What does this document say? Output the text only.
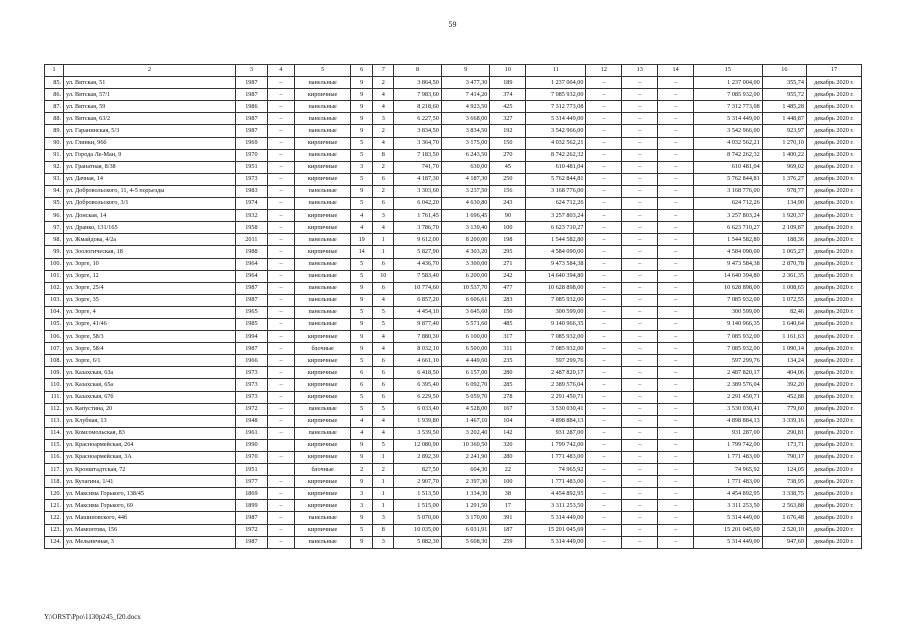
59
1	2	3	4	5	6	7	8	9	10	11	12	13	14	15	16	17
85.	ул. Вятская, 51	1987	–	панельные	9	2	3 864,50	3 477,30	189	1 237 004,00	–	–	–	1 237 004,00	355,74	декабрь 2020 г.
86.	ул. Вятская, 57/1	1987	–	кирпичные	9	4	7 983,60	7 414,20	374	7 085 932,00	–	–	–	7 085 932,00	955,72	декабрь 2020 г.
87.	ул. Вятская, 59	1986	–	панельные	9	4	8 218,60	4 923,50	425	7 312 773,08	–	–	–	7 312 773,08	1 485,28	декабрь 2020 г.
88.	ул. Вятская, 63/2	1987	–	панельные	9	3	6 227,50	3 668,00	327	5 314 449,00	–	–	–	5 314 449,00	1 448,87	декабрь 2020 г.
89.	ул. Гаранинская, 5/3	1987	–	панельные	9	2	3 834,50	3 834,50	192	3 542 966,00	–	–	–	3 542 966,00	923,97	декабрь 2020 г.
90.	ул. Глинки, 96б	1969	–	кирпичные	5	4	3 364,70	3 175,00	150	4 032 562,21	–	–	–	4 032 562,21	1 270,10	декабрь 2020 г.
91.	ул. Города Ле-Ман, 9	1970	–	панельные	5	8	7 183,50	6 243,50	270	8 742 262,32	–	–	–	8 742 262,32	1 400,22	декабрь 2020 г.
92.	ул. Гранатная, 8/38	1951	–	кирпичные	3	2	741,70	630,00	45	610 481,04	–	–	–	610 481,04	969,02	декабрь 2020 г.
93.	ул. Дачная, 14	1973	–	кирпичные	5	6	4 187,30	4 187,30	250	5 762 844,81	–	–	–	5 762 844,81	1 376,27	декабрь 2020 г.
94.	ул. Добровольского, 11, 4-5 подъезды	1983	–	панельные	9	2	3 303,60	3 237,50	156	3 168 776,00	–	–	–	3 168 776,00	978,77	декабрь 2020 г.
95.	ул. Добровольского, 3/1	1974	–	панельные	5	6	6 042,20	4 630,80	243	624 712,26	–	–	–	624 712,26	134,90	декабрь 2020 г.
96.	ул. Донская, 14	1932	–	кирпичные	4	3	1 761,45	1 696,45	90	3 257 803,24	–	–	–	3 257 803,24	1 920,37	декабрь 2020 г.
97.	ул. Дранко, 131/165	1958	–	кирпичные	4	4	3 786,70	3 139,40	100	6 623 710,27	–	–	–	6 623 710,27	2 109,87	декабрь 2020 г.
98.	ул. Жмайдова, 4/2а	2011	–	панельные	19	1	9 612,00	8 200,00	198	1 544 582,80	–	–	–	1 544 582,80	188,36	декабрь 2020 г.
99.	ул. Зоологическая, 18	1988	–	кирпичные	14	1	5 827,90	4 303,20	295	4 584 090,00	–	–	–	4 584 090,00	1 065,27	декабрь 2020 г.
100.	ул. Зорге, 10	1964	–	панельные	5	6	4 436,70	3 300,00	271	9 473 584,38	–	–	–	9 473 584,38	2 870,78	декабрь 2020 г.
101.	ул. Зорге, 12	1964	–	панельные	5	10	7 583,40	6 200,00	242	14 640 394,80	–	–	–	14 640 394,80	2 361,35	декабрь 2020 г.
102.	ул. Зорге, 25/4	1987	–	панельные	9	6	10 774,60	10 537,70	477	10 628 898,00	–	–	–	10 628 898,00	1 008,65	декабрь 2020 г.
103.	ул. Зорге, 35	1987	–	панельные	9	4	6 857,20	6 606,61	283	7 085 932,00	–	–	–	7 085 932,00	1 072,55	декабрь 2020 г.
104.	ул. Зорге, 4	1965	–	панельные	5	5	4 454,10	3 645,60	150	300 599,00	–	–	–	300 599,00	82,46	декабрь 2020 г.
105.	ул. Зорге, 41/46	1985	–	панельные	9	5	9 877,40	5 571,60	485	9 140 966,35	–	–	–	9 140 966,35	1 640,64	декабрь 2020 г.
106.	ул. Зорге, 58/3	1994	–	кирпичные	9	4	7 880,30	6 100,00	317	7 085 932,00	–	–	–	7 085 932,00	1 161,63	декабрь 2020 г.
107.	ул. Зорге, 58/4	1987	–	блочные	9	4	8 032,10	6 500,00	311	7 085 932,00	–	–	–	7 085 932,00	1 090,14	декабрь 2020 г.
108.	ул. Зорге, 6/1	1966	–	кирпичные	5	6	4 661,10	4 449,60	235	597 299,76	–	–	–	597 299,76	134,24	декабрь 2020 г.
109.	ул. Казахская, 63а	1973	–	кирпичные	6	6	6 418,50	6 157,00	280	2 487 820,17	–	–	–	2 487 820,17	404,06	декабрь 2020 г.
110.	ул. Казахская, 65а	1973	–	кирпичные	6	6	6 395,40	6 092,70	285	2 389 576,04	–	–	–	2 389 576,04	392,20	декабрь 2020 г.
111.	ул. Казахская, 67б	1973	–	кирпичные	5	6	6 229,50	5 059,70	278	2 291 450,71	–	–	–	2 291 450,71	452,88	декабрь 2020 г.
112.	ул. Капустина, 20	1972	–	панельные	5	5	6 033,40	4 528,00	167	3 530 030,41	–	–	–	3 530 030,41	779,60	декабрь 2020 г.
113.	ул. Клубная, 13	1948	–	кирпичные	4	4	1 939,80	1 467,10	104	4 898 884,13	–	–	–	4 898 884,13	3 339,16	декабрь 2020 г.
114.	ул. Комсомольская, 83	1961	–	панельные	4	4	3 539,50	3 202,40	142	931 287,00	–	–	–	931 287,00	290,81	декабрь 2020 г.
115.	ул. Красноармейская, 264	1990		кирпичные	9	5	12 080,90	10 360,50	320	1 799 742,00	–	–	–	1 799 742,00	173,71	декабрь 2020 г.
116.	ул. Красноармейская, 3А	1970	–	кирпичные	9	1	2 892,30	2 241,90	280	1 771 483,00	–	–	–	1 771 483,00	790,17	декабрь 2020 г.
117.	ул. Кронштадтская, 72	1951		блочные	2	2	827,50	604,30	22	74 965,92	–	–	–	74 965,92	124,05	декабрь 2020 г.
118.	ул. Кулагина, 1/41	1977	–	кирпичные	9	1	2 907,70	2 397,30	100	1 771 483,00	–	–	–	1 771 483,00	738,95	декабрь 2020 г.
120.	ул. Максима Горького, 138/45	1869	–	кирпичные	3	1	1 513,50	1 334,30	38	4 454 892,95	–	–	–	4 454 892,95	3 338,75	декабрь 2020 г.
121.	ул. Максима Горького, 69	1899	–	кирпичные	3	1	1 515,00	1 291,50	17	3 311 253,50	–	–	–	3 311 253,50	2 563,88	декабрь 2020 г.
122.	ул. Машиновского, 44б	1987	–	панельные	9	3	5 070,00	3 170,00	391	5 314 449,00	–	–	–	5 314 449,00	1 676,48	декабрь 2020 г.
123.	ул. Мамонтова, 156	1972	–	кирпичные	5	8	10 035,00	6 031,91	187	15 201 045,69	–	–	–	15 201 045,69	2 520,10	декабрь 2020 г.
124.	ул. Мельничная, 3	1987	–	панельные	9	3	5 882,30	5 608,30	259	5 314 449,00	–	–	–	5 314 449,00	947,60	декабрь 2020 г.
Y:\ORST\Ppo\1130p245_f20.docx
